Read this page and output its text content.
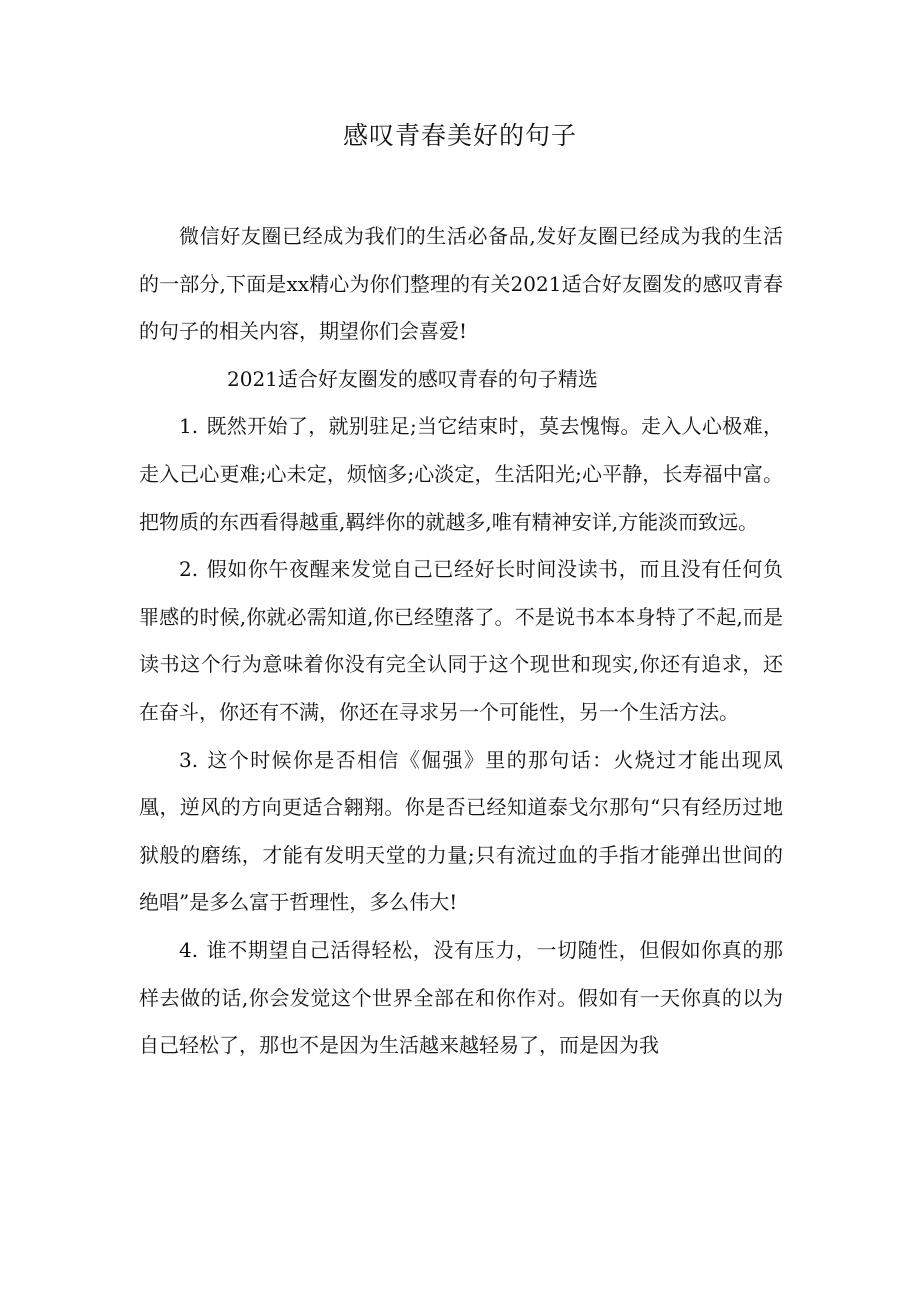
感叹青春美好的句子

微信好友圈已经成为我们的生活必备品,发好友圈已经成为我的生活的一部分,下面是xx精心为你们整理的有关2021适合好友圈发的感叹青春的句子的相关内容，期望你们会喜爱!

2021适合好友圈发的感叹青春的句子精选

1. 既然开始了，就别驻足;当它结束时，莫去愧悔。走入人心极难，走入己心更难;心未定，烦恼多;心淡定，生活阳光;心平静，长寿福中富。把物质的东西看得越重,羁绊你的就越多,唯有精神安详,方能淡而致远。

2. 假如你午夜醒来发觉自己已经好长时间没读书，而且没有任何负罪感的时候,你就必需知道,你已经堕落了。不是说书本本身特了不起,而是读书这个行为意味着你没有完全认同于这个现世和现实,你还有追求，还在奋斗，你还有不满，你还在寻求另一个可能性，另一个生活方法。

3. 这个时候你是否相信《倔强》里的那句话：火烧过才能出现凤凰，逆风的方向更适合翱翔。你是否已经知道泰戈尔那句“只有经历过地狱般的磨练，才能有发明天堂的力量;只有流过血的手指才能弹出世间的绝唱”是多么富于哲理性，多么伟大!

4. 谁不期望自己活得轻松，没有压力，一切随性，但假如你真的那样去做的话,你会发觉这个世界全部在和你作对。假如有一天你真的以为自己轻松了，那也不是因为生活越来越轻易了，而是因为我
